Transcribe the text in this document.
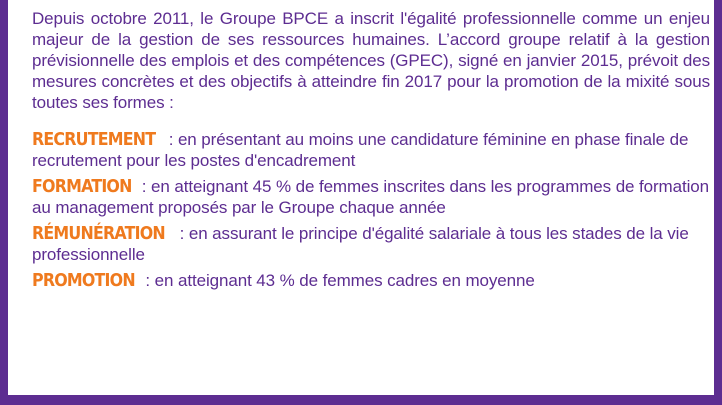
Depuis octobre 2011, le Groupe BPCE a inscrit l'égalité professionnelle comme un enjeu majeur de la gestion de ses ressources humaines. L’accord groupe relatif à la gestion prévisionnelle des emplois et des compétences (GPEC), signé en janvier 2015, prévoit des mesures concrètes et des objectifs à atteindre fin 2017 pour la promotion de la mixité sous toutes ses formes :

RECRUTEMENT : en présentant au moins une candidature féminine en phase finale de recrutement pour les postes d'encadrement
FORMATION : en atteignant 45 % de femmes inscrites dans les programmes de formation au management proposés par le Groupe chaque année
RÉMUNÉRATION : en assurant le principe d'égalité salariale à tous les stades de la vie professionnelle
PROMOTION : en atteignant 43 % de femmes cadres en moyenne
